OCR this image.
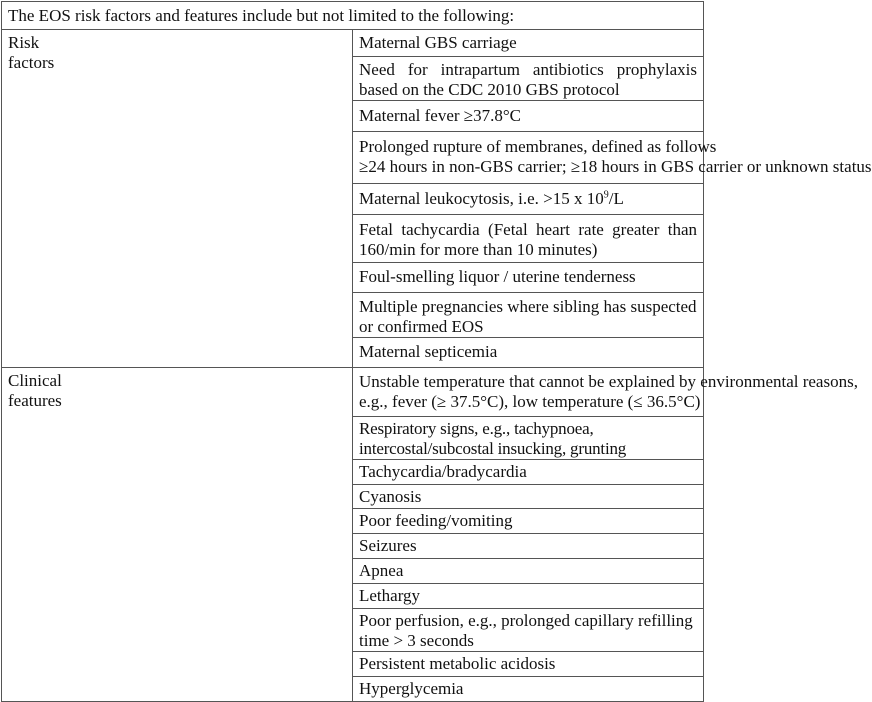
The EOS risk factors and features include but not limited to the following:	

Risk
factors	Maternal GBS carriage
	Need for intrapartum antibiotics prophylaxis based on the CDC 2010 GBS protocol
	Maternal fever ≥37.8°C

	Prolonged rupture of membranes, defined as follows
≥24 hours in non-GBS carrier; ≥18 hours in GBS carrier or unknown status

	Maternal leukocytosis, i.e. >15 x $10^9/L$
	Fetal tachycardia (Fetal heart rate greater than 160/min for more than 10 minutes)
	Foul-smelling liquor / uterine tenderness
	Multiple pregnancies where sibling has suspected or confirmed EOS
	Maternal septicemia

Clinical
features	Unstable temperature that cannot be explained by environmental reasons,
e.g., fever (≥ 37.5°C), low temperature (≤ 36.5°C)

	Respiratory signs, e.g., tachypnoea, intercostal/subcostal insucking, grunting
	Tachycardia/bradycardia
	Cyanosis
	Poor feeding/vomiting
	Seizures
	Apnea
	Lethargy
	Poor perfusion, e.g., prolonged capillary refilling time > 3 seconds
	Persistent metabolic acidosis
	Hyperglycemia
